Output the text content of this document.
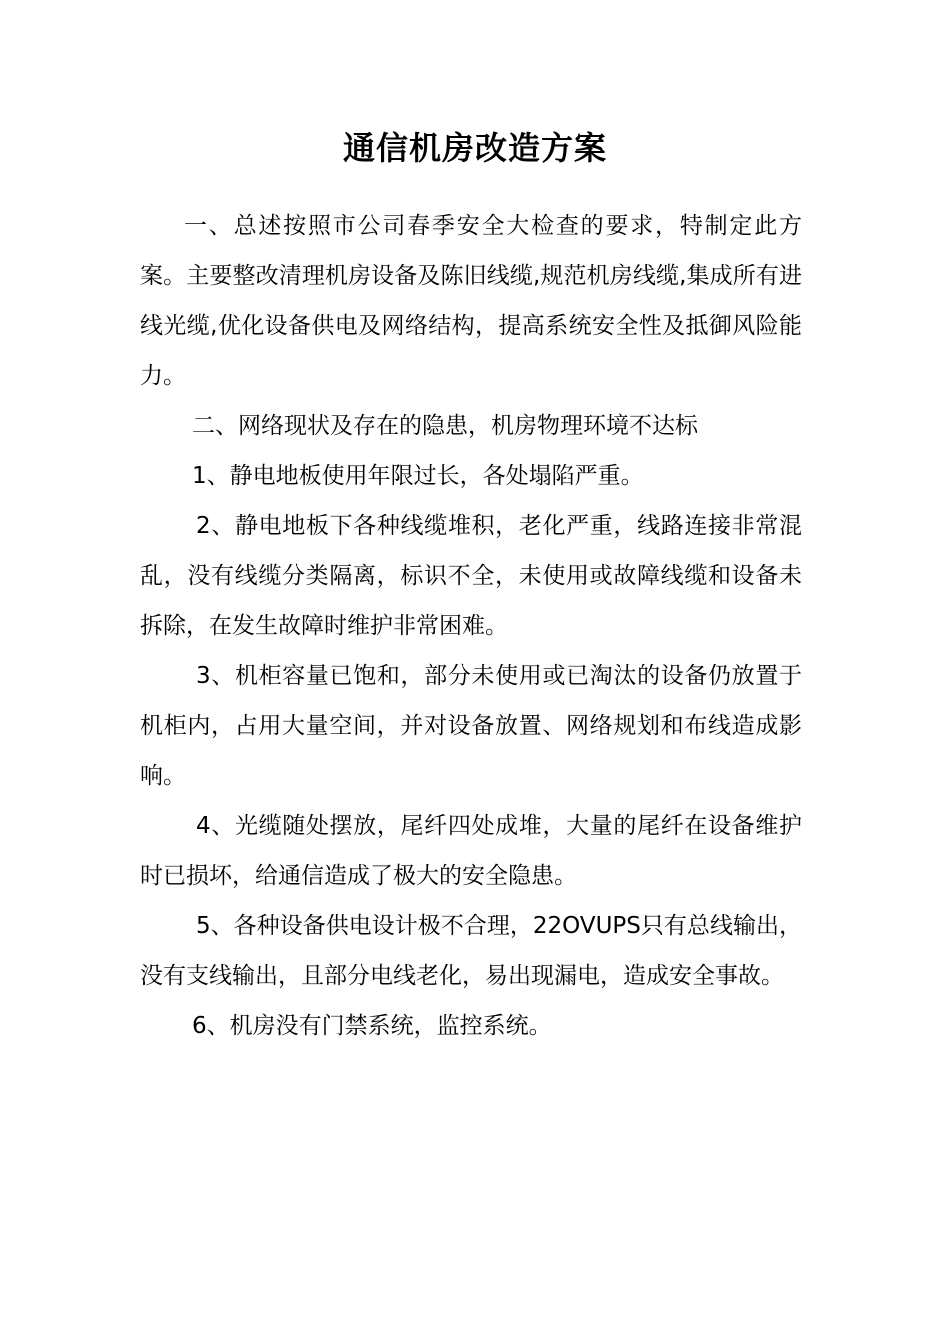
通信机房改造方案

一、总述按照市公司春季安全大检查的要求，特制定此方案。主要整改清理机房设备及陈旧线缆,规范机房线缆,集成所有进线光缆,优化设备供电及网络结构，提高系统安全性及抵御风险能力。

二、网络现状及存在的隐患，机房物理环境不达标

1、静电地板使用年限过长，各处塌陷严重。

2、静电地板下各种线缆堆积，老化严重，线路连接非常混乱，没有线缆分类隔离，标识不全，未使用或故障线缆和设备未拆除，在发生故障时维护非常困难。

3、机柜容量已饱和，部分未使用或已淘汰的设备仍放置于机柜内，占用大量空间，并对设备放置、网络规划和布线造成影响。

4、光缆随处摆放，尾纤四处成堆，大量的尾纤在设备维护时已损坏，给通信造成了极大的安全隐患。

5、各种设备供电设计极不合理，22OVUPS只有总线输出，没有支线输出，且部分电线老化，易出现漏电，造成安全事故。

6、机房没有门禁系统，监控系统。
